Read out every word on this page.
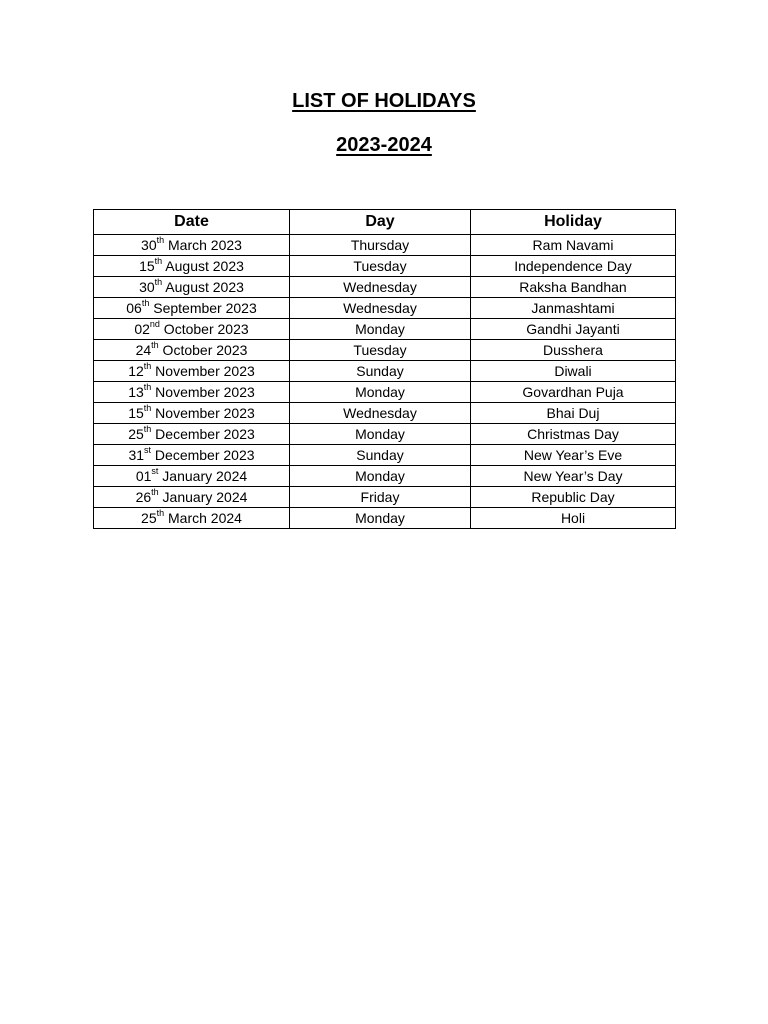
LIST OF HOLIDAYS
2023-2024
Date	Day	Holiday
30th March 2023	Thursday	Ram Navami
15th August 2023	Tuesday	Independence Day
30th August 2023	Wednesday	Raksha Bandhan
06th September 2023	Wednesday	Janmashtami
02nd October 2023	Monday	Gandhi Jayanti
24th October 2023	Tuesday	Dusshera
12th November 2023	Sunday	Diwali
13th November 2023	Monday	Govardhan Puja
15th November 2023	Wednesday	Bhai Duj
25th December 2023	Monday	Christmas Day
31st December 2023	Sunday	New Year’s Eve
01st January 2024	Monday	New Year’s Day
26th January 2024	Friday	Republic Day
25th March 2024	Monday	Holi
